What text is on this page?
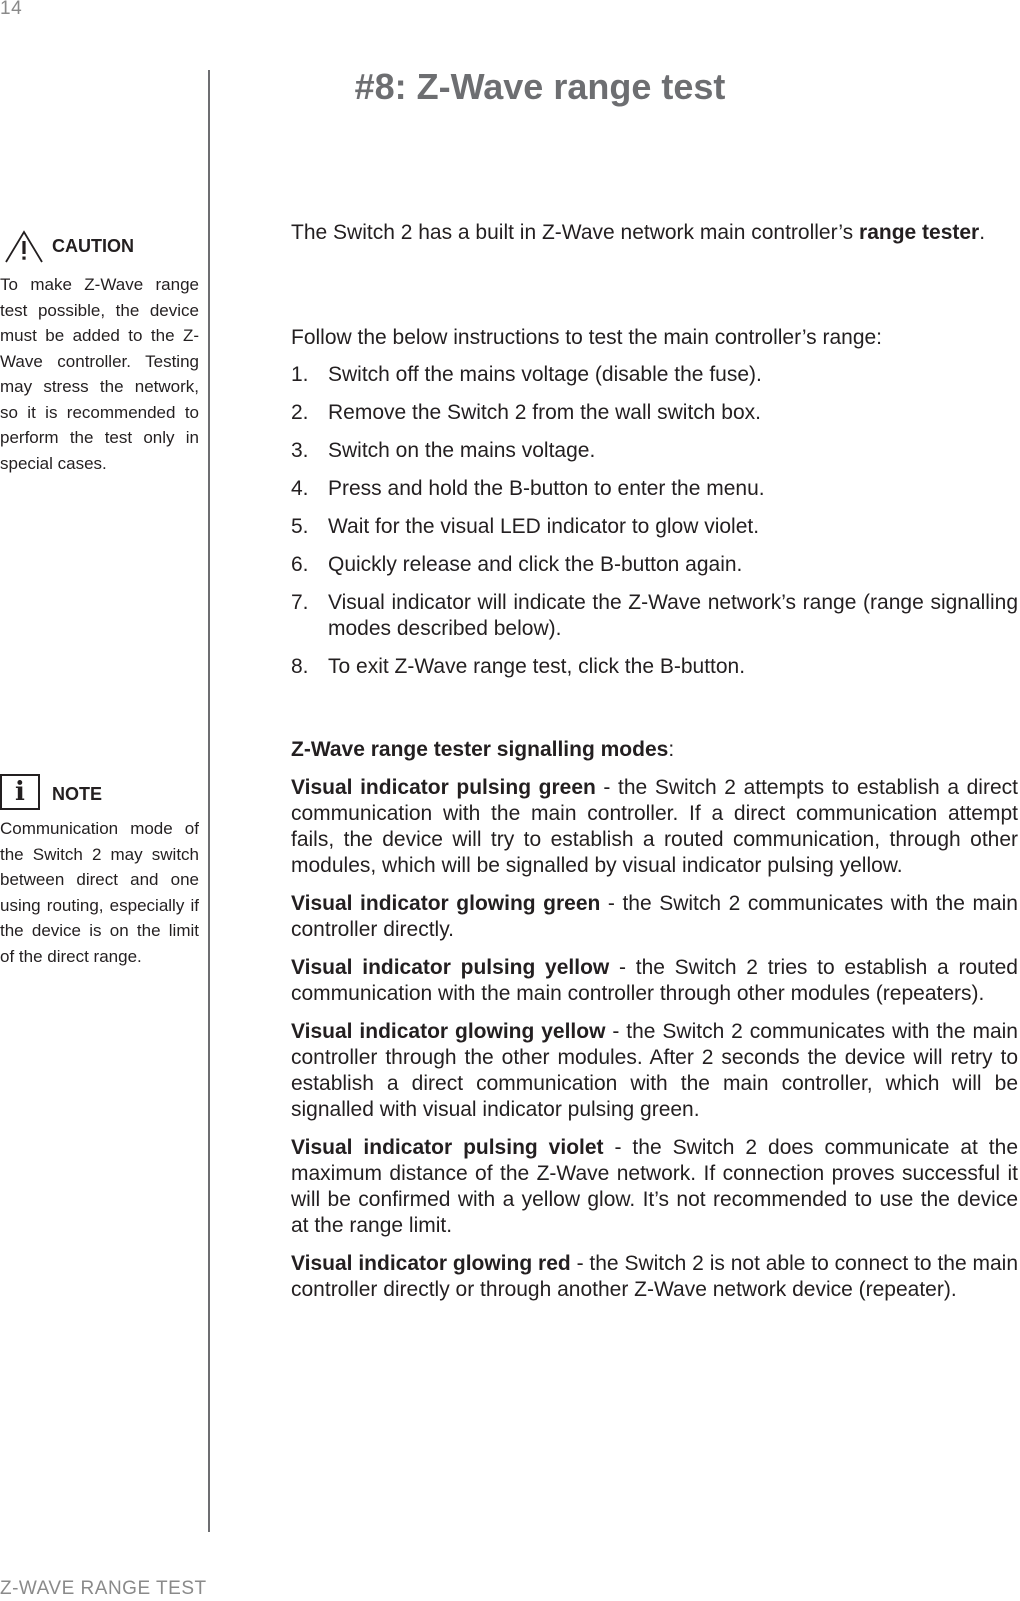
14
#8: Z-Wave range test
CAUTION

To make Z-Wave range test possible, the device must be added to the Z-Wave controller. Testing may stress the network, so it is recommended to perform the test only in special cases.

i	NOTE

Communication mode of the Switch 2 may switch between direct and one using routing, especially if the device is on the limit of the direct range.

The Switch 2 has a built in Z-Wave network main controller’s range tester.

Follow the below instructions to test the main controller’s range:

1. Switch off the mains voltage (disable the fuse).
2. Remove the Switch 2 from the wall switch box.
3. Switch on the mains voltage.
4. Press and hold the B-button to enter the menu.
5. Wait for the visual LED indicator to glow violet.
6. Quickly release and click the B-button again.
7. Visual indicator will indicate the Z-Wave network’s range (range signalling modes described below).
8. To exit Z-Wave range test, click the B-button.

Z-Wave range tester signalling modes:

Visual indicator pulsing green - the Switch 2 attempts to establish a direct communication with the main controller. If a direct communication attempt fails, the device will try to establish a routed communication, through other modules, which will be signalled by visual indicator pulsing yellow.

Visual indicator glowing green - the Switch 2 communicates with the main controller directly.

Visual indicator pulsing yellow - the Switch 2 tries to establish a routed communication with the main controller through other modules (repeaters).

Visual indicator glowing yellow - the Switch 2 communicates with the main controller through the other modules. After 2 seconds the device will retry to establish a direct communication with the main controller, which will be signalled with visual indicator pulsing green.

Visual indicator pulsing violet - the Switch 2 does communicate at the maximum distance of the Z-Wave network. If connection proves successful it will be confirmed with a yellow glow. It’s not recommended to use the device at the range limit.

Visual indicator glowing red - the Switch 2 is not able to connect to the main controller directly or through another Z-Wave network device (repeater).

Z-WAVE RANGE TEST
